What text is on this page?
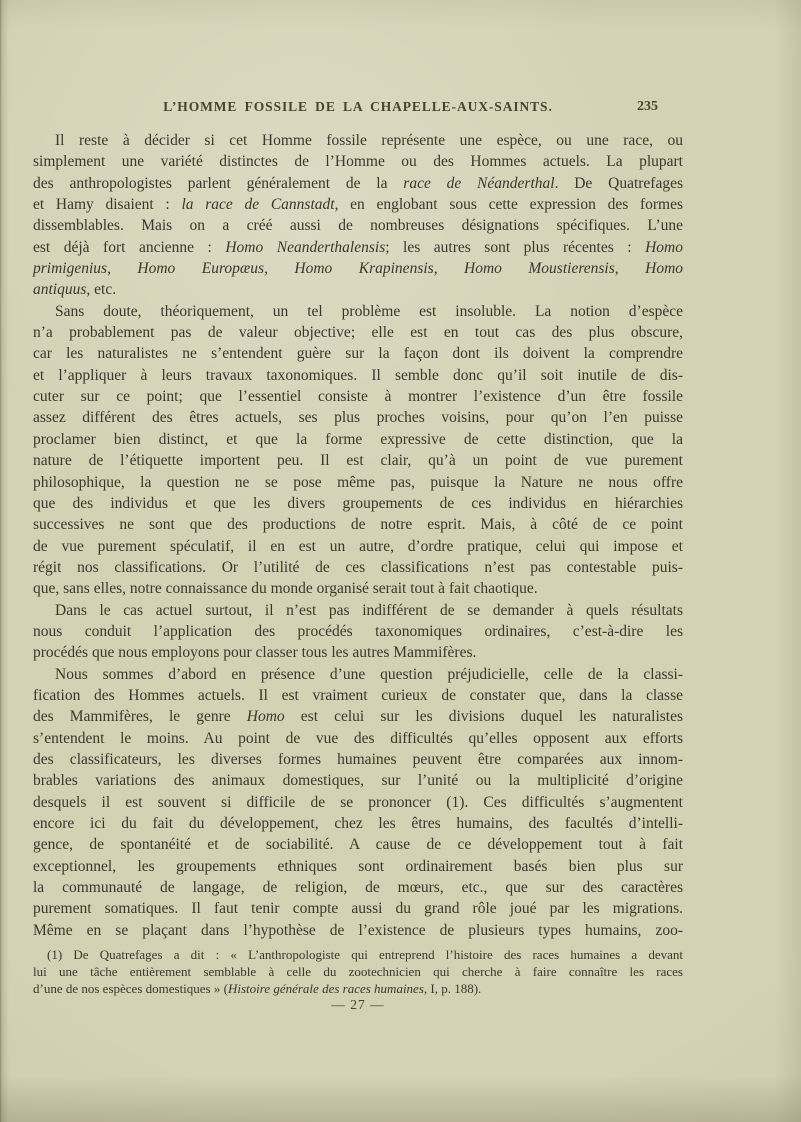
L’HOMME FOSSILE DE LA CHAPELLE-AUX-SAINTS.	235
Il reste à décider si cet Homme fossile représente une espèce, ou une race, ou
simplement une variété distinctes de l’Homme ou des Hommes actuels. La plupart
des anthropologistes parlent généralement de la race de Néanderthal. De Quatrefages
et Hamy disaient : la race de Cannstadt, en englobant sous cette expression des formes
dissemblables. Mais on a créé aussi de nombreuses désignations spécifiques. L’une
est déjà fort ancienne : Homo Neanderthalensis; les autres sont plus récentes : Homo
primigenius, Homo Europæus, Homo Krapinensis, Homo Moustierensis, Homo
antiquus, etc.
Sans doute, théoriquement, un tel problème est insoluble. La notion d’espèce
n’a probablement pas de valeur objective; elle est en tout cas des plus obscure,
car les naturalistes ne s’entendent guère sur la façon dont ils doivent la comprendre
et l’appliquer à leurs travaux taxonomiques. Il semble donc qu’il soit inutile de dis-
cuter sur ce point; que l’essentiel consiste à montrer l’existence d’un être fossile
assez différent des êtres actuels, ses plus proches voisins, pour qu’on l’en puisse
proclamer bien distinct, et que la forme expressive de cette distinction, que la
nature de l’étiquette importent peu. Il est clair, qu’à un point de vue purement
philosophique, la question ne se pose même pas, puisque la Nature ne nous offre
que des individus et que les divers groupements de ces individus en hiérarchies
successives ne sont que des productions de notre esprit. Mais, à côté de ce point
de vue purement spéculatif, il en est un autre, d’ordre pratique, celui qui impose et
régit nos classifications. Or l’utilité de ces classifications n’est pas contestable puis-
que, sans elles, notre connaissance du monde organisé serait tout à fait chaotique.
Dans le cas actuel surtout, il n’est pas indifférent de se demander à quels résultats
nous conduit l’application des procédés taxonomiques ordinaires, c’est-à-dire les
procédés que nous employons pour classer tous les autres Mammifères.
Nous sommes d’abord en présence d’une question préjudicielle, celle de la classi-
fication des Hommes actuels. Il est vraiment curieux de constater que, dans la classe
des Mammifères, le genre Homo est celui sur les divisions duquel les naturalistes
s’entendent le moins. Au point de vue des difficultés qu’elles opposent aux efforts
des classificateurs, les diverses formes humaines peuvent être comparées aux innom-
brables variations des animaux domestiques, sur l’unité ou la multiplicité d’origine
desquels il est souvent si difficile de se prononcer (1). Ces difficultés s’augmentent
encore ici du fait du développement, chez les êtres humains, des facultés d’intelli-
gence, de spontanéité et de sociabilité. A cause de ce développement tout à fait
exceptionnel, les groupements ethniques sont ordinairement basés bien plus sur
la communauté de langage, de religion, de mœurs, etc., que sur des caractères
purement somatiques. Il faut tenir compte aussi du grand rôle joué par les migrations.
Même en se plaçant dans l’hypothèse de l’existence de plusieurs types humains, zoo-
(1) De Quatrefages a dit : « L’anthropologiste qui entreprend l’histoire des races humaines a devant
lui une tâche entièrement semblable à celle du zootechnicien qui cherche à faire connaître les races
d’une de nos espèces domestiques » (Histoire générale des races humaines, I, p. 188).
— 27 —
